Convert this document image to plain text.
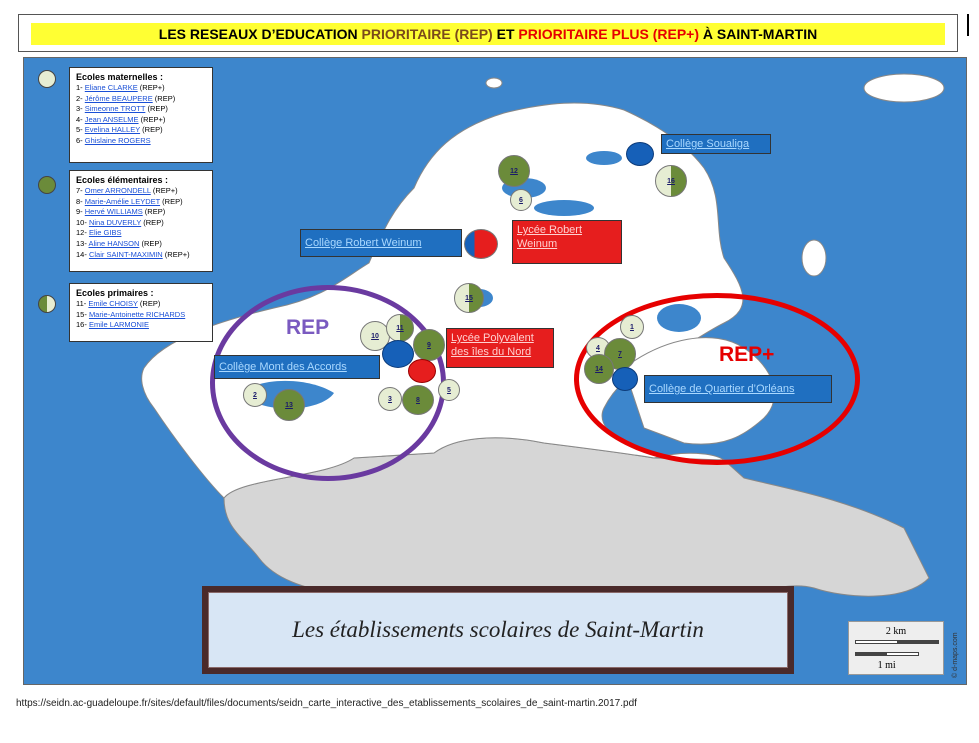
LES RESEAUX D’EDUCATION PRIORITAIRE (REP) ET PRIORITAIRE PLUS (REP+) À SAINT-MARTIN
Ecoles maternelles :
1- Eliane CLARKE (REP+)
2- Jérôme BEAUPERE (REP)
3- Simeonne TROTT (REP)
4- Jean ANSELME (REP+)
5- Evelina HALLEY (REP)
6- Ghislaine ROGERS
Ecoles élémentaires :
7- Omer ARRONDELL (REP+)
8- Marie-Amélie LEYDET (REP)
9- Hervé WILLIAMS (REP)
10- Nina DUVERLY (REP)
12- Elie GIBS
13- Aline HANSON (REP)
14- Clair SAINT-MAXIMIN (REP+)
Ecoles primaires :
11- Emile CHOISY (REP)
15- Marie-Antoinette RICHARDS
16- Emile LARMONIE	REP
REP+
1
2
3
4
5
6
7
8
9
10
11
12
13
14
15
16
Collège Soualiga
Collège Robert Weinum
Lycée Robert Weinum
Collège Mont des Accords
Lycée Polyvalent des îles du Nord
Collège de Quartier d’Orléans
Les établissements scolaires de Saint-Martin	2 km
1 mi	© d-maps.com
https://seidn.ac-guadeloupe.fr/sites/default/files/documents/seidn_carte_interactive_des_etablissements_scolaires_de_saint-martin.2017.pdf
